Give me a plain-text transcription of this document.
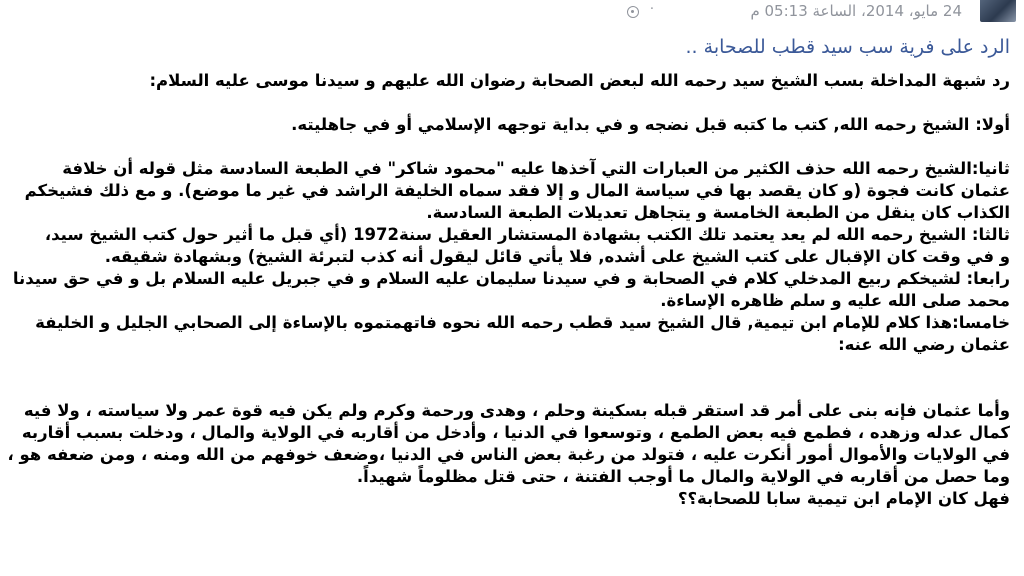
24 مايو، 2014، الساعة 05:13 م
·
الرد على فرية سب سيد قطب للصحابة ..

رد شبهة المداخلة بسب الشيخ سيد رحمه الله لبعض الصحابة رضوان الله عليهم و سيدنا موسى عليه السلام:

أولا: الشيخ رحمه الله, كتب ما كتبه قبل نضجه و في بداية توجهه الإسلامي أو في جاهليته.

ثانيا:الشيخ رحمه الله حذف الكثير من العبارات التي آخذها عليه "محمود شاكر" في الطبعة السادسة مثل قوله أن خلافة
عثمان كانت فجوة (و كان يقصد بها في سياسة المال و إلا فقد سماه الخليفة الراشد في غير ما موضع). و مع ذلك فشيخكم
الكذاب كان ينقل من الطبعة الخامسة و يتجاهل تعديلات الطبعة السادسة.

ثالثا: الشيخ رحمه الله لم يعد يعتمد تلك الكتب بشهادة المستشار العقيل سنة1972 (أي قبل ما أثير حول كتب الشيخ سيد،
و في وقت كان الإقبال على كتب الشيخ على أشده, فلا يأتي قائل ليقول أنه كذب لتبرئة الشيخ) وبشهادة شقيقه.

رابعا: لشيخكم ربيع المدخلي كلام في الصحابة و في سيدنا سليمان عليه السلام و في جبريل عليه السلام بل و في حق سيدنا
محمد صلى الله عليه و سلم ظاهره الإساءة.

خامسا:هذا كلام للإمام ابن تيمية, قال الشيخ سيد قطب رحمه الله نحوه فاتهمتموه بالإساءة إلى الصحابي الجليل و الخليفة
عثمان رضي الله عنه:

وأما عثمان فإنه بنى على أمر قد استقر قبله بسكينة وحلم ، وهدى ورحمة وكرم ولم يكن فيه قوة عمر ولا سياسته ، ولا فيه
كمال عدله وزهده ، فطمع فيه بعض الطمع ، وتوسعوا في الدنيا ، وأدخل من أقاربه في الولاية والمال ، ودخلت بسبب أقاربه
في الولايات والأموال أمور أنكرت عليه ، فتولد من رغبة بعض الناس في الدنيا ،وضعف خوفهم من الله ومنه ، ومن ضعفه هو ،
وما حصل من أقاربه في الولاية والمال ما أوجب الفتنة ، حتى قتل مظلوماً شهيداً.
فهل كان الإمام ابن تيمية سابا للصحابة؟؟
